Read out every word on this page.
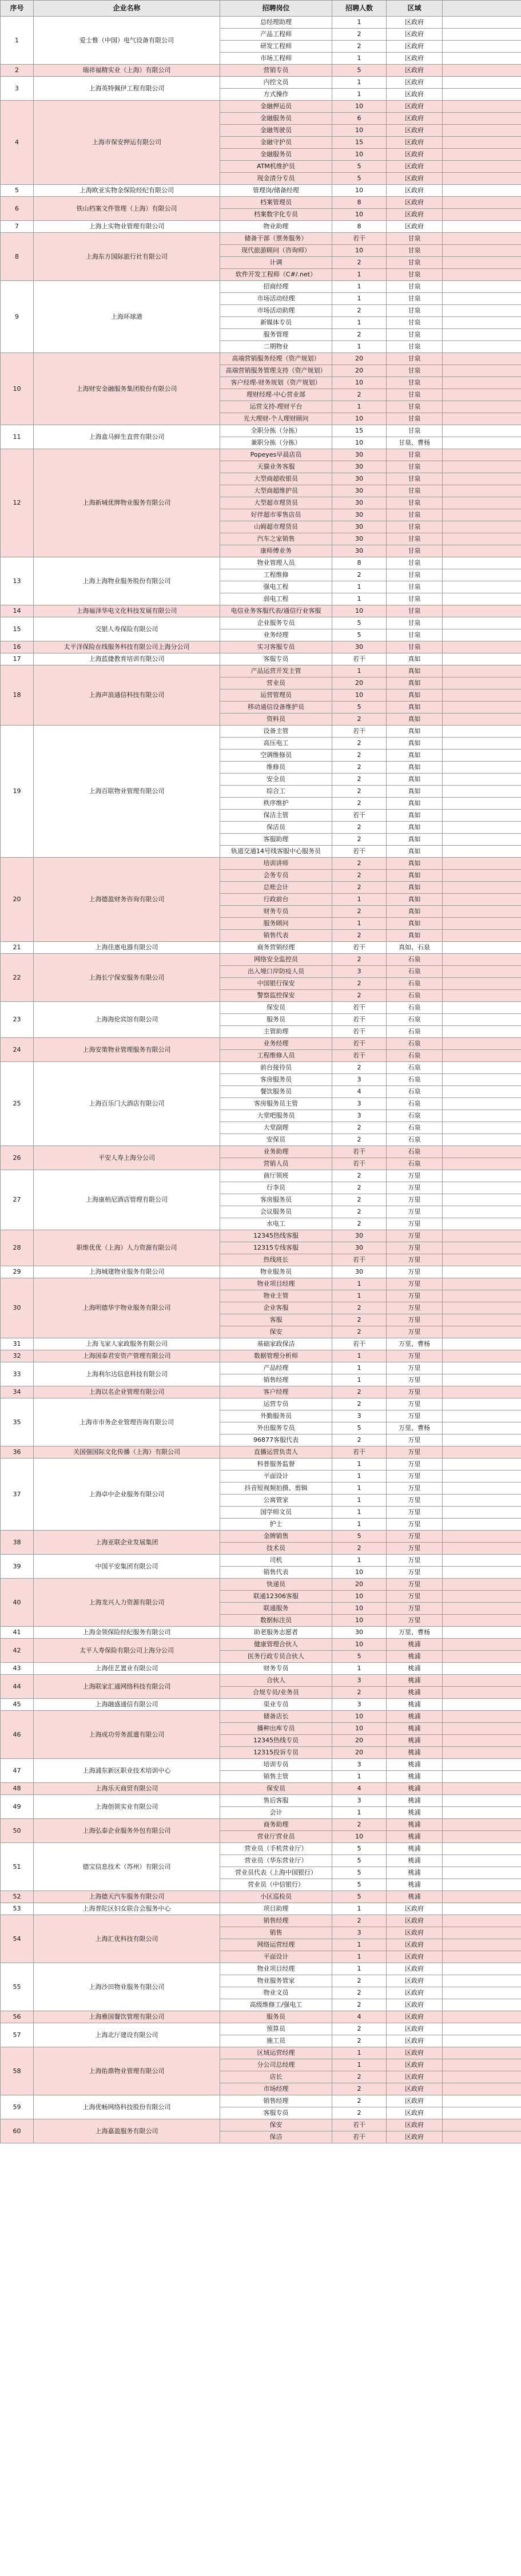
序号	企业名称	招聘岗位	招聘人数	区域	
1	爱士惟（中国）电气设备有限公司	总经理助理	1	区政府	
		产品工程师	2	区政府	
		研发工程师	2	区政府	
		市场工程师	1	区政府	
2	瑞祥福精实业（上海）有限公司	营销专员	5	区政府	
3	上海英特佩伊工程有限公司	内控文员	1	区政府	
		方式操作	1	区政府	
4	上海市保安押运有限公司	金融押运员	10	区政府	
		金融服务员	6	区政府	
		金融驾驶员	10	区政府	
		金融守护员	15	区政府	
		金融服务员	10	区政府	
		ATM机维护员	5	区政府	
		现金清分专员	5	区政府	
5	上海欧亚实物金保险经纪有限公司	管理岗/储备经理	10	区政府	
6	铁山档案文件管理（上海）有限公司	档案管理员	8	区政府	
		档案数字化专员	10	区政府	
7	上海上实物业管理有限公司	物业助理	8	区政府	
8	上海东方国际旅行社有限公司	储备干部（票务服务）	若干	甘泉	
		现代旅游顾问（咨询师）	10	甘泉	
		计调	2	甘泉	
		软件开发工程师（C#/.net）	1	甘泉	
9	上海环球港	招商经理	1	甘泉	
		市场活动经理	1	甘泉	
		市场活动助理	2	甘泉	
		新媒体专员	1	甘泉	
		服务管理	2	甘泉	
		二期物业	1	甘泉	
10	上海财安金融服务集团股份有限公司	高端营销服务经理（资产规划）	20	甘泉	
		高端营销服务管理支持（资产规划）	20	甘泉	
		客户经理-财务规划（资产规划）	10	甘泉	
		理财经理-中心营业部	2	甘泉	
		运营支持-理财平台	1	甘泉	
		光大理财-个人理财顾问	10	甘泉	
11	上海盒马鲜生直营有限公司	全职分拣（分拣）	15	甘泉	
		兼职分拣（分拣）	10	甘泉、曹杨	
12	上海新城优牌物业服务有限公司	Popeyes早晨店员	30	甘泉	
		天猫业务客服	30	甘泉	
		大型商超收银员	30	甘泉	
		大型商超维护员	30	甘泉	
		大型超市理货员	30	甘泉	
		好伴超市零售店员	30	甘泉	
		山姆超市理货员	30	甘泉	
		汽车之家销售	30	甘泉	
		康师傅业务	30	甘泉	
13	上海上海物业服务股份有限公司	物业管理人员	8	甘泉	
		工程维修	2	甘泉	
		强电工程	1	甘泉	
		弱电工程	1	甘泉	
14	上海福泽华电文化科技发展有限公司	电信业务客服代表/通信行业客服	10	甘泉	
15	交银人寿保险有限公司	企业服务专员	5	甘泉	
		业务经理	5	甘泉	
16	太平洋保险在线服务科技有限公司上海分公司	实习客服专员	30	甘泉	
17	上海蓝捷教育培训有限公司	客服专员	若干	真如	
18	上海声浪通信科技有限公司	产品运营开发主管	1	真如	
		营业员	20	真如	
		运营管理员	10	真如	
		移动通信设备维护员	5	真如	
		资料员	2	真如	
19	上海百联物业管理有限公司	设备主管	若干	真如	
		高压电工	2	真如	
		空调维修员	2	真如	
		维修员	2	真如	
		安全员	2	真如	
		综合工	2	真如	
		秩序维护	2	真如	
		保洁主管	若干	真如	
		保洁员	2	真如	
		客服助理	2	真如	
		轨道交通14号线客服中心服务员	若干	真如	
20	上海德盈财务咨询有限公司	培训讲师	2	真如	
		会务专员	2	真如	
		总账会计	2	真如	
		行政前台	1	真如	
		财务专员	2	真如	
		服务顾问	1	真如	
		销售代表	2	真如	
21	上海佳惠电器有限公司	商务营销经理	若干	真如、石泉	
22	上海长宁保安服务有限公司	网络安全监控员	2	石泉	
		出入境口岸防疫人员	3	石泉	
		中国银行保安	2	石泉	
		警察监控保安	2	石泉	
23	上海海伦宾馆有限公司	保安员	若干	石泉	
		服务员	若干	石泉	
		主管助理	若干	石泉	
24	上海安策物业管理服务有限公司	业务经理	若干	石泉	
		工程维修人员	若干	石泉	
25	上海百乐门大酒店有限公司	前台接待员	2	石泉	
		客房服务员	3	石泉	
		餐饮服务员	4	石泉	
		客房服务员主管	3	石泉	
		大堂吧服务员	3	石泉	
		大堂副理	2	石泉	
		安保员	2	石泉	
26	平安人寿上海分公司	业务助理	若干	石泉	
		营销人员	若干	石泉	
27	上海康柏尼酒店管理有限公司	前厅领班	2	万里	
		行李员	2	万里	
		客房服务员	2	万里	
		会议服务员	2	万里	
		水电工	2	万里	
28	职维优优（上海）人力资源有限公司	12345热线客服	30	万里	
		12315专线客服	30	万里	
		热线班长	若干	万里	
29	上海城建物业服务有限公司	物业服务员	30	万里	
30	上海明德华宇物业服务有限公司	物业项目经理	1	万里	
		物业主管	1	万里	
		企业客服	2	万里	
		客服	2	万里	
		保安	2	万里	
31	上海飞家人家政服务有限公司	基础家政保洁	若干	万里、曹杨	
32	上海国泰君安资产管理有限公司	数据管理分析师	1	万里	
33	上海利尔达信息科技有限公司	产品经理	1	万里	
		销售经理	1	万里	
34	上海以名企业管理有限公司	客户经理	2	万里	
35	上海市市务企业管理咨询有限公司	运营专员	2	万里	
		外勤服务员	3	万里	
		外出服务专员	5	万里、曹杨	
		96877客服代表	2	万里	
36	关国强国际文化传播（上海）有限公司	直播运营负责人	若干	万里	
37	上海卓中企业服务有限公司	科普服务监督	1	万里	
		平面设计	1	万里	
		抖音短视频拍摄、剪辑	1	万里	
		公寓管家	1	万里	
		国学师文员	1	万里	
		护士	1	万里	
38	上海亚联企业发展集团	金牌销售	5	万里	
		技术员	2	万里	
39	中国平安集团有限公司	司机	1	万里	
		销售代表	10	万里	
40	上海龙兴人力资源有限公司	快递员	20	万里	
		联通12306客服	10	万里	
		联通服务	10	万里	
		数据标注员	10	万里	
41	上海金领保险经纪服务有限公司	助老服务志愿者	30	万里、曹杨	
42	太平人寿保险有限公司上海分公司	健康管理合伙人	10	桃浦	
		医务行政专员合伙人	5	桃浦	
43	上海佳艺置业有限公司	财务专员	1	桃浦	
44	上海联家汇通网络科技有限公司	合伙人	3	桃浦	
		合规专员/业务员	2	桃浦	
45	上海融盛通信有限公司	渠业专员	3	桃浦	
46	上海成功劳务派遣有限公司	储备店长	10	桃浦	
		播种出库专员	10	桃浦	
		12345热线专员	20	桃浦	
		12315投诉专员	20	桃浦	
47	上海浦东新区职业技术培训中心	培训专员	3	桃浦	
		销售主管	1	桃浦	
48	上海乐天商贸有限公司	保安员	4	桃浦	
49	上海创领实业有限公司	售后客服	3	桃浦	
		会计	1	桃浦	
50	上海弘泰企业服务外包有限公司	商务助理	2	桃浦	
		营业厅营业员	10	桃浦	
51	德宝信息技术（苏州）有限公司	营业员（手机营业厅）	5	桃浦	
		营业员（华东营业厅）	5	桃浦	
		营业员代表（上海中国银行）	5	桃浦	
		营业员（中信银行）	5	桃浦	
52	上海德天汽车服务有限公司	小区巡检员	5	桃浦	
53	上海普陀区妇女联合会服务中心	项目助理	1	区政府	
54	上海汇优科技有限公司	销售经理	2	区政府	
		销售	3	区政府	
		网络运营经理	1	区政府	
		平面设计	1	区政府	
55	上海沙田物业服务有限公司	物业项目经理	1	区政府	
		物业服务管家	2	区政府	
		物业文员	2	区政府	
		高级维修工/强电工	2	区政府	
56	上海雅国餐饮管理有限公司	服务员	4	区政府	
57	上海北厅建设有限公司	预算员	2	区政府	
		施工员	2	区政府	
58	上海佑鼎物业管理有限公司	区域运营经理	1	区政府	
		分公司总经理	1	区政府	
		店长	2	区政府	
		市场经理	2	区政府	
59	上海优畅网络科技股份有限公司	销售经理	2	区政府	
		客服专员	2	区政府	
60	上海嘉盈服务有限公司	保安	若干	区政府	
		保洁	若干	区政府	
